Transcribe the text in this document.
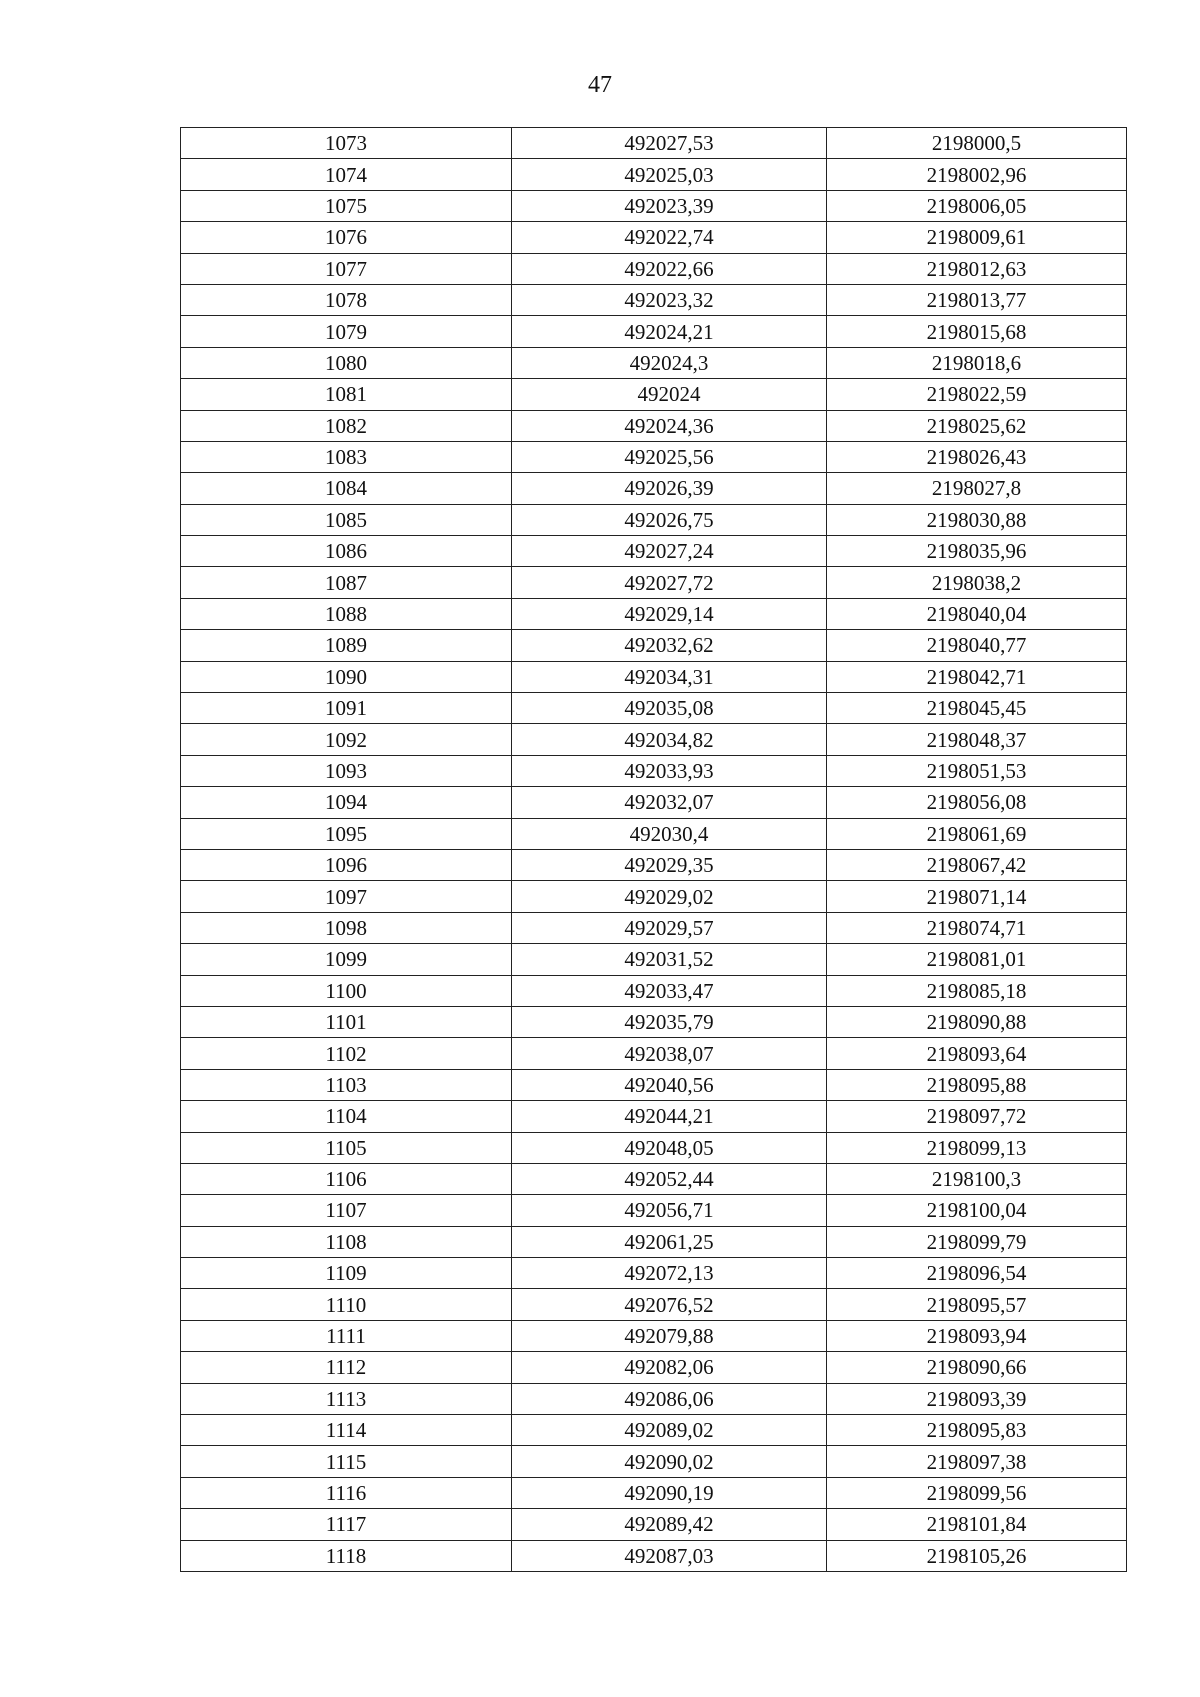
47
1073	492027,53	2198000,5
1074	492025,03	2198002,96
1075	492023,39	2198006,05
1076	492022,74	2198009,61
1077	492022,66	2198012,63
1078	492023,32	2198013,77
1079	492024,21	2198015,68
1080	492024,3	2198018,6
1081	492024	2198022,59
1082	492024,36	2198025,62
1083	492025,56	2198026,43
1084	492026,39	2198027,8
1085	492026,75	2198030,88
1086	492027,24	2198035,96
1087	492027,72	2198038,2
1088	492029,14	2198040,04
1089	492032,62	2198040,77
1090	492034,31	2198042,71
1091	492035,08	2198045,45
1092	492034,82	2198048,37
1093	492033,93	2198051,53
1094	492032,07	2198056,08
1095	492030,4	2198061,69
1096	492029,35	2198067,42
1097	492029,02	2198071,14
1098	492029,57	2198074,71
1099	492031,52	2198081,01
1100	492033,47	2198085,18
1101	492035,79	2198090,88
1102	492038,07	2198093,64
1103	492040,56	2198095,88
1104	492044,21	2198097,72
1105	492048,05	2198099,13
1106	492052,44	2198100,3
1107	492056,71	2198100,04
1108	492061,25	2198099,79
1109	492072,13	2198096,54
1110	492076,52	2198095,57
1111	492079,88	2198093,94
1112	492082,06	2198090,66
1113	492086,06	2198093,39
1114	492089,02	2198095,83
1115	492090,02	2198097,38
1116	492090,19	2198099,56
1117	492089,42	2198101,84
1118	492087,03	2198105,26
